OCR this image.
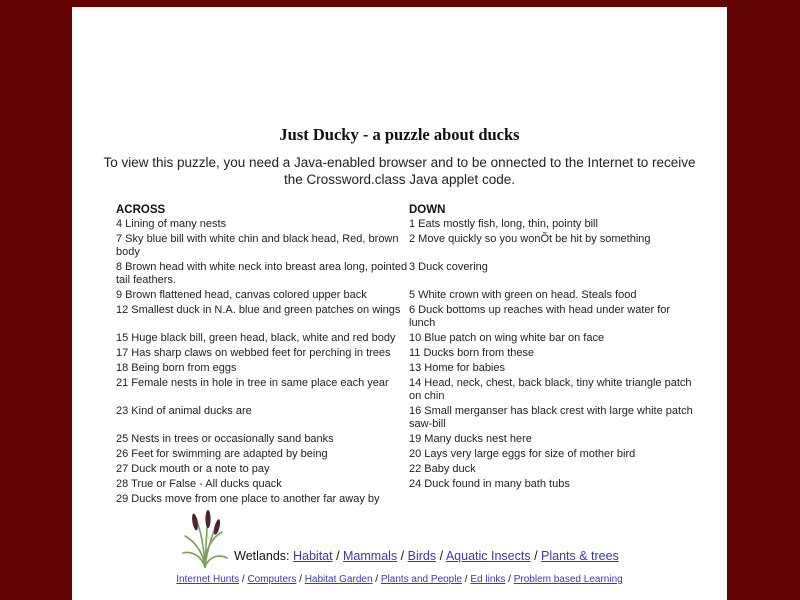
Just Ducky - a puzzle about ducks
To view this puzzle, you need a Java-enabled browser and to be onnected to the Internet to receive the Crossword.class Java applet code.
ACROSS	DOWN
4 Lining of many nests	1 Eats mostly fish, long, thin, pointy bill
7 Sky blue bill with white chin and black head, Red, brown body	2 Move quickly so you wonÕt be hit by something
8 Brown head with white neck into breast area long, pointed tail feathers.	3 Duck covering
9 Brown flattened head, canvas colored upper back	5 White crown with green on head. Steals food
12 Smallest duck in N.A. blue and green patches on wings	6 Duck bottoms up reaches with head under water for lunch
15 Huge black bill, green head, black, white and red body	10 Blue patch on wing white bar on face
17 Has sharp claws on webbed feet for perching in trees	11 Ducks born from these
18 Being born from eggs	13 Home for babies
21 Female nests in hole in tree in same place each year	14 Head, neck, chest, back black, tiny white triangle patch on chin
23 Kind of animal ducks are	16 Small merganser has black crest with large white patch saw-bill
25 Nests in trees or occasionally sand banks	19 Many ducks nest here
26 Feet for swimming are adapted by being	20 Lays very large eggs for size of mother bird
27 Duck mouth or a note to pay	22 Baby duck
28 True or False - All ducks quack	24 Duck found in many bath tubs
29 Ducks move from one place to another far away by	
Wetlands: Habitat / Mammals / Birds / Aquatic Insects / Plants & trees
Internet Hunts / Computers / Habitat Garden / Plants and People / Ed links / Problem based Learning
